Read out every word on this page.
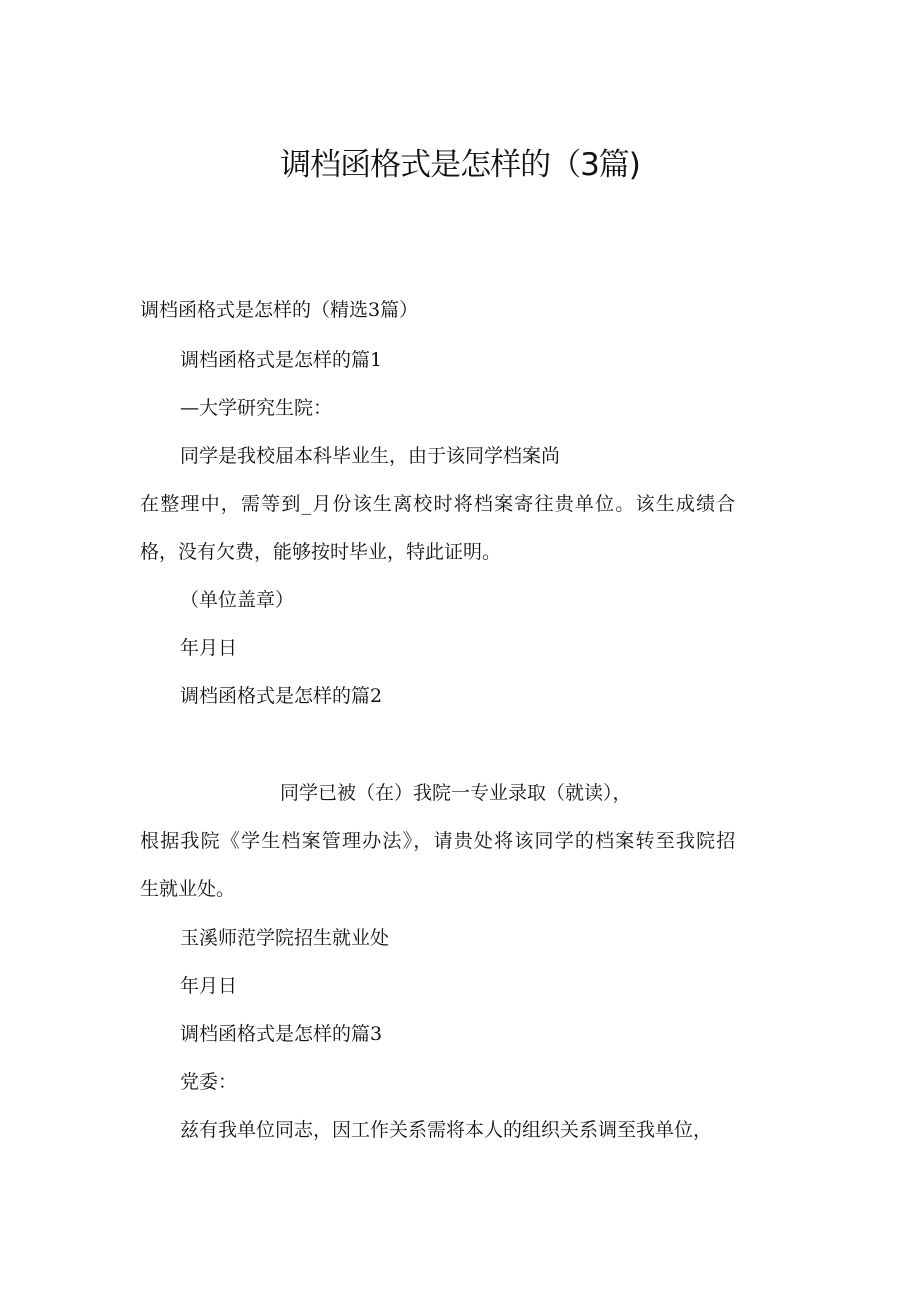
调档函格式是怎样的（3篇)
调档函格式是怎样的（精选3篇）
调档函格式是怎样的篇1
—大学研究生院：
同学是我校届本科毕业生，由于该同学档案尚
在整理中，需等到_月份该生离校时将档案寄往贵单位。该生成绩合
格，没有欠费，能够按时毕业，特此证明。
（单位盖章）
年月日
调档函格式是怎样的篇2
同学已被（在）我院一专业录取（就读），
根据我院《学生档案管理办法》，请贵处将该同学的档案转至我院招
生就业处。
玉溪师范学院招生就业处
年月日
调档函格式是怎样的篇3
党委：
兹有我单位同志，因工作关系需将本人的组织关系调至我单位，
